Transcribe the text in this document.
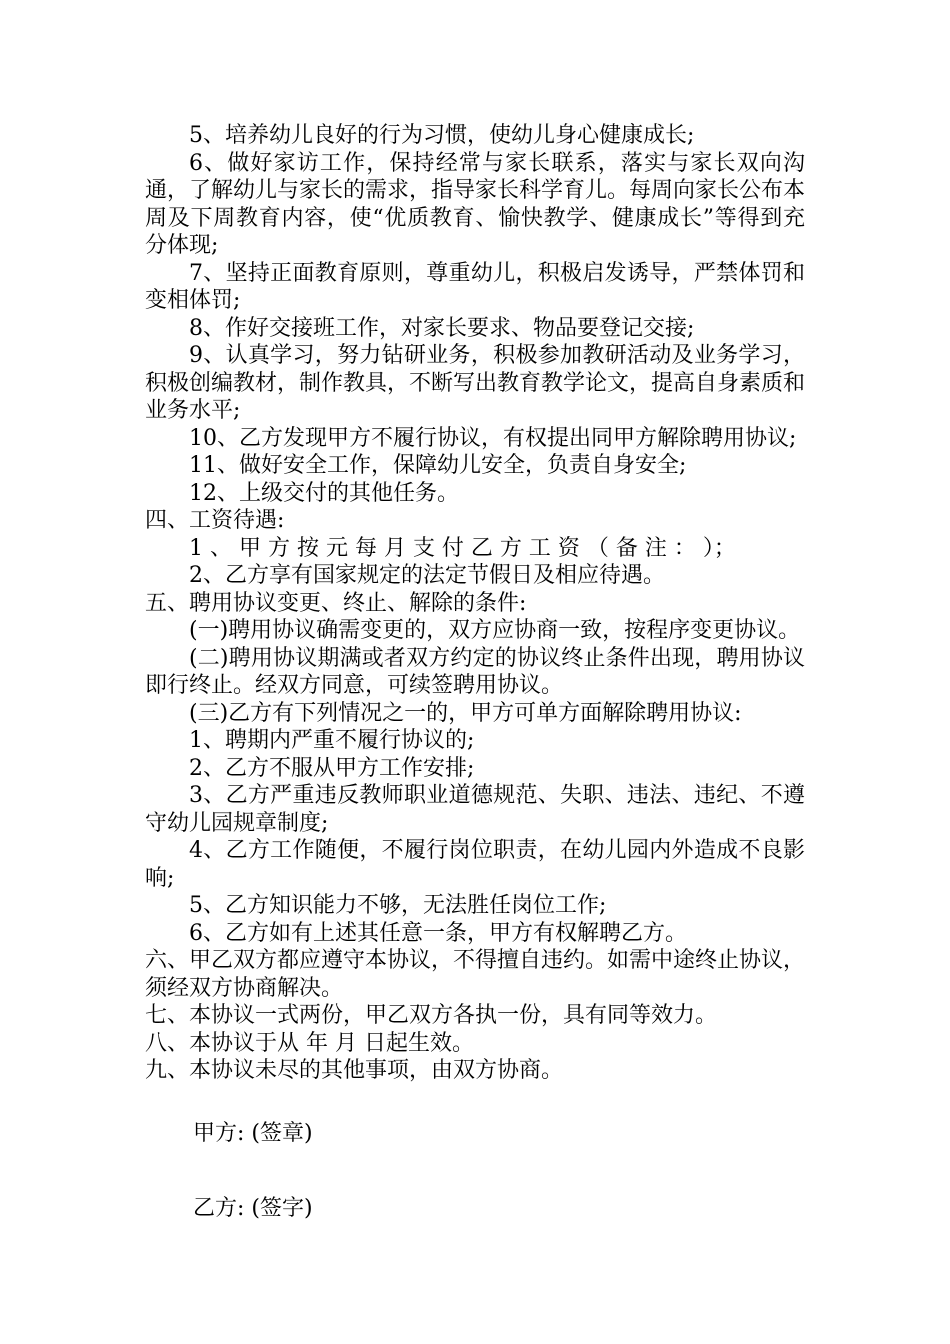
5、培养幼儿良好的行为习惯，使幼儿身心健康成长;

6、做好家访工作，保持经常与家长联系，落实与家长双向沟通，了解幼儿与家长的需求，指导家长科学育儿。每周向家长公布本周及下周教育内容，使“优质教育、愉快教学、健康成长”等得到充分体现;

7、坚持正面教育原则，尊重幼儿，积极启发诱导，严禁体罚和变相体罚;

8、作好交接班工作，对家长要求、物品要登记交接;

9、认真学习，努力钻研业务，积极参加教研活动及业务学习，积极创编教材，制作教具，不断写出教育教学论文，提高自身素质和业务水平;

10、乙方发现甲方不履行协议，有权提出同甲方解除聘用协议;

11、做好安全工作，保障幼儿安全，负责自身安全;

12、上级交付的其他任务。

四、工资待遇:

1 、 甲 方 按 元 每 月 支 付 乙 方 工 资 （ 备 注 ： ）；

2、乙方享有国家规定的法定节假日及相应待遇。

五、聘用协议变更、终止、解除的条件:

(一)聘用协议确需变更的，双方应协商一致，按程序变更协议。

(二)聘用协议期满或者双方约定的协议终止条件出现，聘用协议即行终止。经双方同意，可续签聘用协议。

(三)乙方有下列情况之一的，甲方可单方面解除聘用协议:

1、聘期内严重不履行协议的;

2、乙方不服从甲方工作安排;

3、乙方严重违反教师职业道德规范、失职、违法、违纪、不遵守幼儿园规章制度;

4、乙方工作随便，不履行岗位职责，在幼儿园内外造成不良影响;

5、乙方知识能力不够，无法胜任岗位工作;

6、乙方如有上述其任意一条，甲方有权解聘乙方。

六、甲乙双方都应遵守本协议，不得擅自违约。如需中途终止协议，须经双方协商解决。

七、本协议一式两份，甲乙双方各执一份，具有同等效力。

八、本协议于从 年 月 日起生效。

九、本协议未尽的其他事项，由双方协商。

甲方: (签章)
乙方: (签字)
